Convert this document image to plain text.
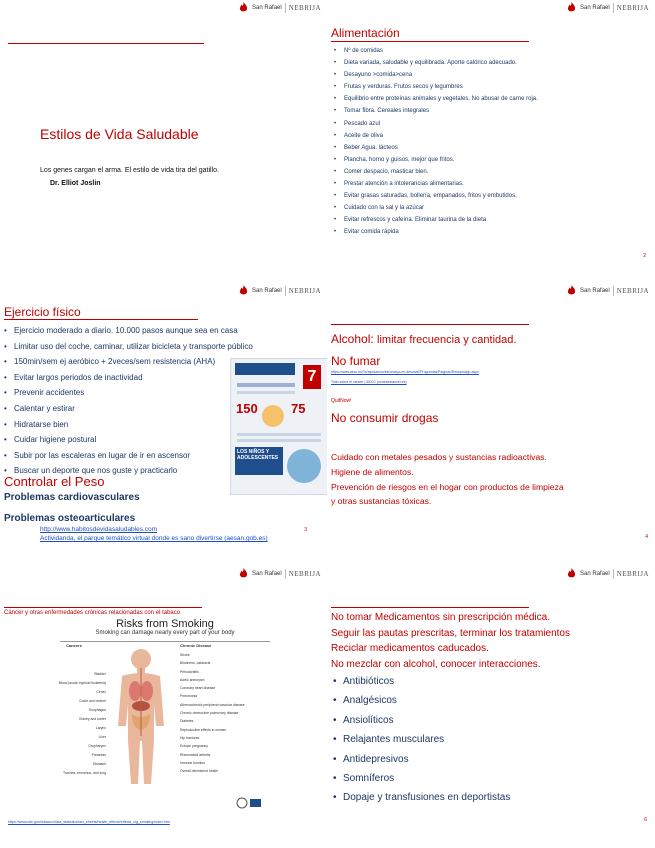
San Rafael NEBRIJA
Estilos de Vida Saludable
Los genes cargan el arma. El estilo de vida tira del gatillo.
Dr. Elliot Joslin
San Rafael NEBRIJA
Alimentación
• Nº de comidas
• Dieta variada, saludable y equilibrada. Aporte calórico adecuado.
• Desayuno >comida>cena
• Frutas y verduras. Frutos secos y legumbres
• Equilibrio entre proteínas animales y vegetales. No abusar de carne roja.
• Tomar fibra. Cereales integrales
• Pescado azul
• Aceite de oliva
• Beber Agua. lácteos
• Plancha, horno y guisos, mejor que fritos.
• Comer despacio, masticar bien.
• Prestar atención a intolerancias alimentarias.
• Evitar grasas saturadas, bollería, empanados, fritos y embutidos.
• Cuidado con la sal y la azúcar
• Evitar refrescos y cafeína. Eliminar taurina de la dieta
• Evitar comida rápida
2
San Rafael NEBRIJA
Ejercicio físico
7
150	75
LOS NIÑOS Y ADOLESCENTES
• Ejercicio moderado a diario. 10.000 pasos aunque sea en casa
• Limitar uso del coche, caminar, utilizar bicicleta y transporte público
• 150min/sem ej aeróbico + 2veces/sem resistencia (AHA)
• Evitar largos periodos de inactividad
• Prevenir accidentes
• Calentar y estirar
• Hidratarse bien
• Cuidar higiene postural
• Subir por las escaleras en lugar de ir en ascensor
• Buscar un deporte que nos guste y practicarlo
Controlar el Peso
Problemas cardiovasculares
Problemas osteoarticulares
http://www.habitosdevidasaludables.com
Actividanda, el parque temático virtual donde es sano divertirse (aesan.gob.es)
3
San Rafael NEBRIJA
Alcohol: limitar frecuencia y cantidad.
No fumar
https://www.aecc.es/Te/ayudamos/intromayo-en-desnivel/Programas/Paginas/Reseploapp.aspx
Todo sobre el cáncer | AECC (contraelcancer.es)
QuitNow!
No consumir drogas
Cuidado con metales pesados y sustancias radioactivas.
Higiene de alimentos.
Prevención de riesgos en el hogar con productos de limpieza
y otras sustancias tóxicas.
4
San Rafael NEBRIJA
Cáncer y otras enfermedades crónicas relacionadas con el tabaco
Risks from Smoking
Smoking can damage nearly every part of your body
Cancers	Chronic Disease
Bladder
Blood (acute myeloid leukemia)
Cervix
Colon and rectum
Esophagus
Kidney and ureter
Larynx
Liver
Oropharynx
Pancreas
Stomach
Trachea, bronchus, and lung
Stroke
Blindness, cataracts
Periodontitis
Aortic aneurysm
Coronary heart disease
Pneumonia
Atherosclerotic peripheral vascular disease
Chronic obstructive pulmonary disease
Diabetes
Reproductive effects in women
Hip fractures
Ectopic pregnancy
Rheumatoid arthritis
Immune function
Overall diminished health
https://www.cdc.gov/tobacco/data_statistics/fact_sheets/health_effects/effects_cig_smoking/index.htm
San Rafael NEBRIJA
No tomar Medicamentos sin prescripción médica.
Seguir las pautas prescritas, terminar los tratamientos
Reciclar medicamentos caducados.
No mezclar con alcohol, conocer interacciones.
• Antibióticos
• Analgésicos
• Ansiolíticos
• Relajantes musculares
• Antidepresivos
• Somníferos
• Dopaje y transfusiones en deportistas
6
